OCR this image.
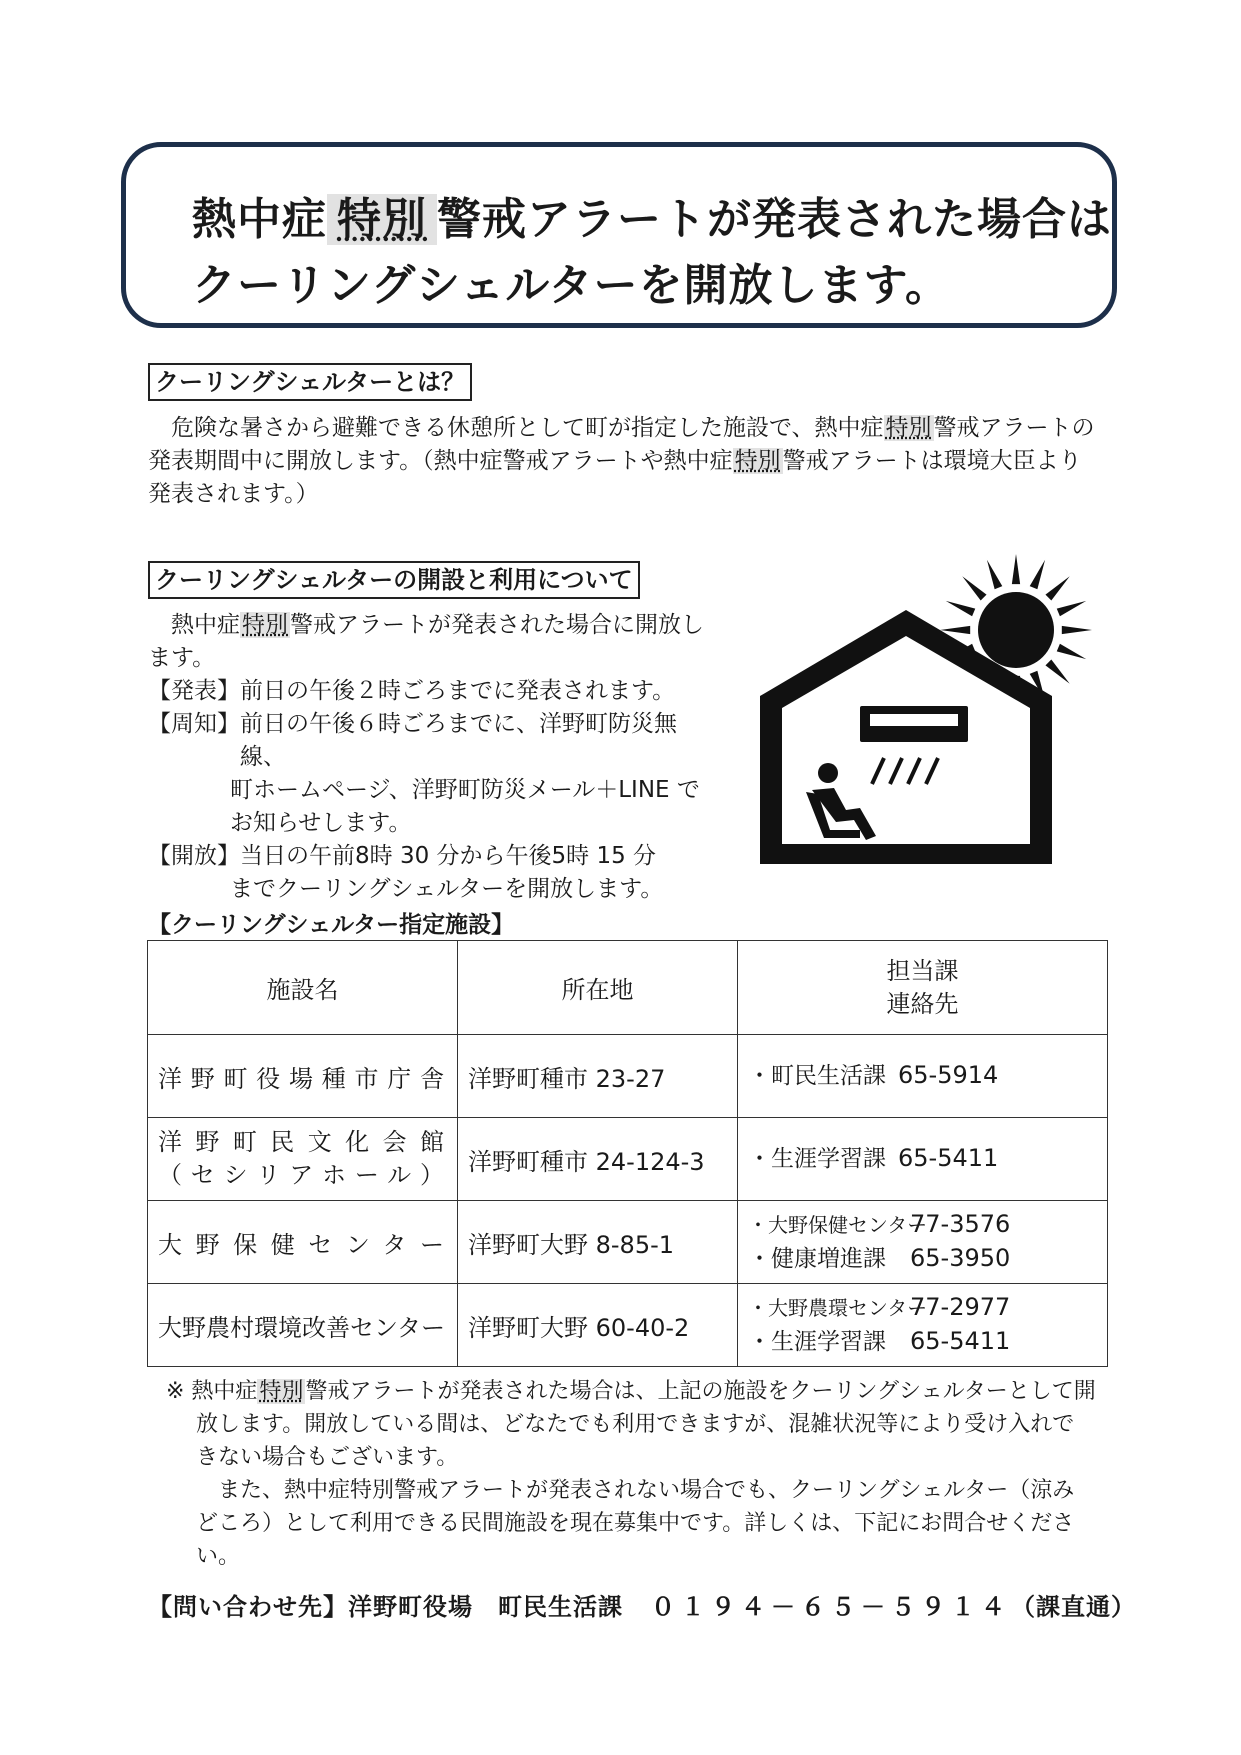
熱中症 特別 警戒アラートが発表された場合は
クーリングシェルターを開放します。
クーリングシェルターとは？
危険な暑さから避難できる休憩所として町が指定した施設で、熱中症特別警戒アラートの発表期間中に開放します。（熱中症警戒アラートや熱中症特別警戒アラートは環境大臣より発表されます。）
クーリングシェルターの開設と利用について
熱中症特別警戒アラートが発表された場合に開放します。
【発表】 前日の午後２時ごろまでに発表されます。
【周知】 前日の午後６時ごろまでに、洋野町防災無線、
町ホームページ、洋野町防災メール＋LINE で
お知らせします。
【開放】 当日の午前8時 30 分から午後5時 15 分
までクーリングシェルターを開放します。
【クーリングシェルター指定施設】
施設名	所在地	担当課
連絡先

洋野町役場種市庁舎	洋野町種市 23-27	・町民生活課 65-5914

洋野町民文化会館
（セシリアホール）	洋野町種市 24-124-3	・生涯学習課 65-5411

大野保健センター	洋野町大野 8-85-1	・大野保健センター77-3576
・健康増進課 65-3950

大野農村環境改善センター	洋野町大野 60-40-2	・大野農環センター77-2977
・生涯学習課 65-5411

※ 熱中症特別警戒アラートが発表された場合は、上記の施設をクーリングシェルターとして開放します。開放している間は、どなたでも利用できますが、混雑状況等により受け入れできない場合もございます。

また、熱中症特別警戒アラートが発表されない場合でも、クーリングシェルター（涼みどころ）として利用できる民間施設を現在募集中です。詳しくは、下記にお問合せください。

【問い合わせ先】洋野町役場　町民生活課 ０１９４－６５－５９１４（課直通）
